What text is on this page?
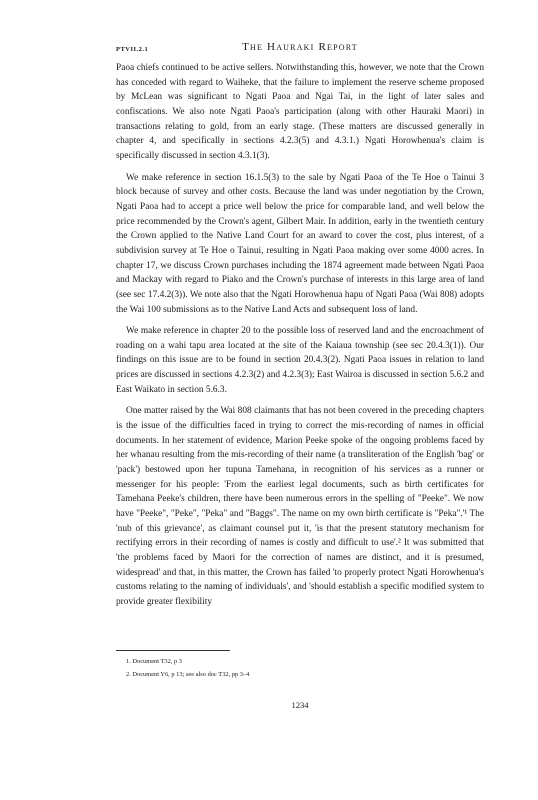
PTVII.2.1	The Hauraki Report

Paoa chiefs continued to be active sellers. Notwithstanding this, however, we note that the Crown has conceded with regard to Waiheke, that the failure to implement the reserve scheme proposed by McLean was significant to Ngati Paoa and Ngai Tai, in the light of later sales and confiscations. We also note Ngati Paoa's participation (along with other Hauraki Maori) in transactions relating to gold, from an early stage. (These matters are discussed generally in chapter 4, and specifically in sections 4.2.3(5) and 4.3.1.) Ngati Horowhenua's claim is specifically discussed in section 4.3.1(3).

We make reference in section 16.1.5(3) to the sale by Ngati Paoa of the Te Hoe o Tainui 3 block because of survey and other costs. Because the land was under negotiation by the Crown, Ngati Paoa had to accept a price well below the price for comparable land, and well below the price recommended by the Crown's agent, Gilbert Mair. In addition, early in the twentieth century the Crown applied to the Native Land Court for an award to cover the cost, plus interest, of a subdivision survey at Te Hoe o Tainui, resulting in Ngati Paoa making over some 4000 acres. In chapter 17, we discuss Crown purchases including the 1874 agreement made between Ngati Paoa and Mackay with regard to Piako and the Crown's purchase of interests in this large area of land (see sec 17.4.2(3)). We note also that the Ngati Horowhenua hapu of Ngati Paoa (Wai 808) adopts the Wai 100 submissions as to the Native Land Acts and subsequent loss of land.

We make reference in chapter 20 to the possible loss of reserved land and the encroachment of roading on a wahi tapu area located at the site of the Kaiaua township (see sec 20.4.3(1)). Our findings on this issue are to be found in section 20.4.3(2). Ngati Paoa issues in relation to land prices are discussed in sections 4.2.3(2) and 4.2.3(3); East Wairoa is discussed in section 5.6.2 and East Waikato in section 5.6.3.

One matter raised by the Wai 808 claimants that has not been covered in the preceding chapters is the issue of the difficulties faced in trying to correct the mis-recording of names in official documents. In her statement of evidence, Marion Peeke spoke of the ongoing problems faced by her whanau resulting from the mis-recording of their name (a transliteration of the English 'bag' or 'pack') bestowed upon her tupuna Tamehana, in recognition of his services as a runner or messenger for his people: 'From the earliest legal documents, such as birth certificates for Tamehana Peeke's children, there have been numerous errors in the spelling of "Peeke". We now have "Peeke", "Peke", "Peka" and "Baggs". The name on my own birth certificate is "Peka".'¹ The 'nub of this grievance', as claimant counsel put it, 'is that the present statutory mechanism for rectifying errors in their recording of names is costly and difficult to use'.² It was submitted that 'the problems faced by Maori for the correction of names are distinct, and it is presumed, widespread' and that, in this matter, the Crown has failed 'to properly protect Ngati Horowhenua's customs relating to the naming of individuals', and 'should establish a specific modified system to provide greater flexibility

1. Document T32, p 3
2. Document Y6, p 13; see also doc T32, pp 3–4
1234
